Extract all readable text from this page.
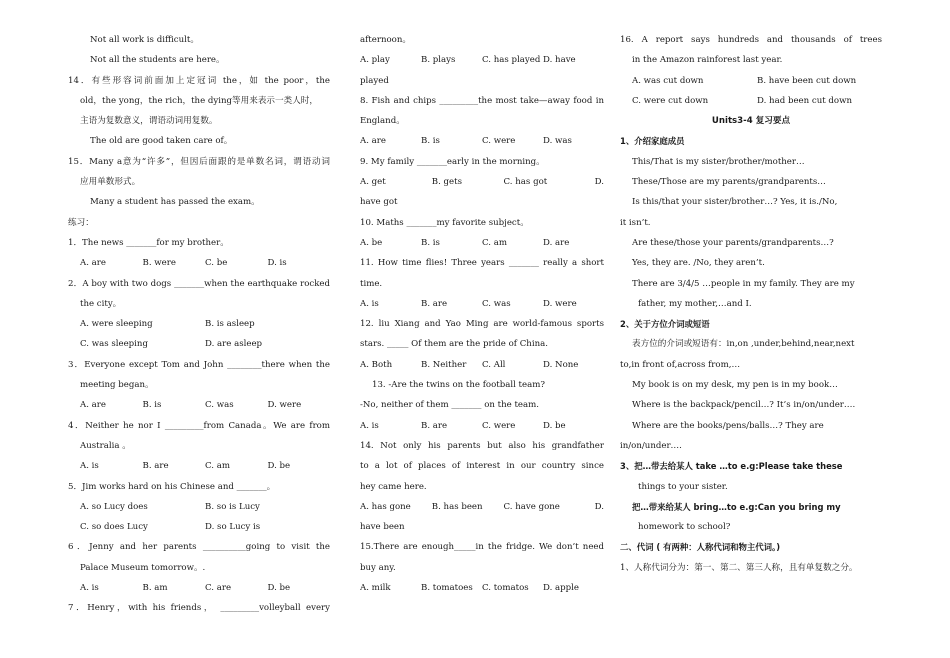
Not all work is difficult。
Not all the students are here。
14．有些形容词前面加上定冠词 the，如 the poor，the
old，the yong，the rich，the dying等用来表示一类人时，
主语为复数意义，谓语动词用复数。
The old are good taken care of。
15．Many a意为“许多”，但因后面跟的是单数名词，谓语动词
应用单数形式。
Many a student has passed the exam。
练习：
1．The news _______for my brother。
A. are	B. were	C. be	D. is
2．A boy with two dogs _______when the earthquake rocked
the city。
A. were sleeping	B. is asleep
C. was sleeping	D. are asleep
3．Everyone except Tom and John ________there when the
meeting began。
A. are	B. is	C. was	D. were
4．Neither he nor I _________from Canada。We are from
Australia 。
A. is	B. are	C. am	D. be
5．Jim works hard on his Chinese and _______。
A. so Lucy does	B. so is Lucy
C. so does Lucy	D. so Lucy is
6．Jenny and her parents __________going to visit the
Palace Museum tomorrow。.
A. is	B. am	C. are	D. be
7．Henry，with his friends， _________volleyball every
afternoon。
A. play	B. plays	C. has played D. have
played
8. Fish and chips _________the most take—away food in
England。
A. are	B. is	C. were	D. was
9. My family _______early in the morning。
A. get	B. gets	C. has got	D.
have got
10. Maths _______my favorite subject。
A. be	B. is	C. am	D. are
11. How time flies! Three years _______ really a short
time.
A. is	B. are	C. was	D. were
12. liu Xiang and Yao Ming are world-famous sports
stars. _____ Of them are the pride of China.
A. Both	B. Neither	C. All	D. None
13. -Are the twins on the football team?
-No, neither of them _______ on the team.
A. is	B. are	C. were	D. be
14. Not only his parents but also his grandfather
to a lot of places of interest in our country since
hey came here.
A. has gone	B. has been	C. have gone	D.
have been
15.There are enough_____in the fridge. We don’t need
buy any.
A. milk	B. tomatoes	C. tomatos	D. apple
16. A report says hundreds and thousands of trees
in the Amazon rainforest last year.
A. was cut down	B. have been cut down
C. were cut down	D. had been cut down
Units3-4 复习要点
1、介绍家庭成员
This/That is my sister/brother/mother…
These/Those are my parents/grandparents…
Is this/that your sister/brother…? Yes, it is./No,
it isn’t.
Are these/those your parents/grandparents…?
Yes, they are. /No, they aren’t.
There are 3/4/5 …people in my family. They are my
father, my mother,…and I.
2、关于方位介词或短语
表方位的介词或短语有：in,on ,under,behind,near,next
to,in front of,across from,…
My book is on my desk, my pen is in my book…
Where is the backpack/pencil…? It’s in/on/under….
Where are the books/pens/balls…? They are
in/on/under….
3、把…带去给某人 take …to e.g:Please take these
things to your sister.
把…带来给某人 bring…to e.g:Can you bring my
homework to school?
二、代词 ( 有两种：人称代词和物主代词。)
1、人称代词分为：第一、第二、第三人称，且有单复数之分。
